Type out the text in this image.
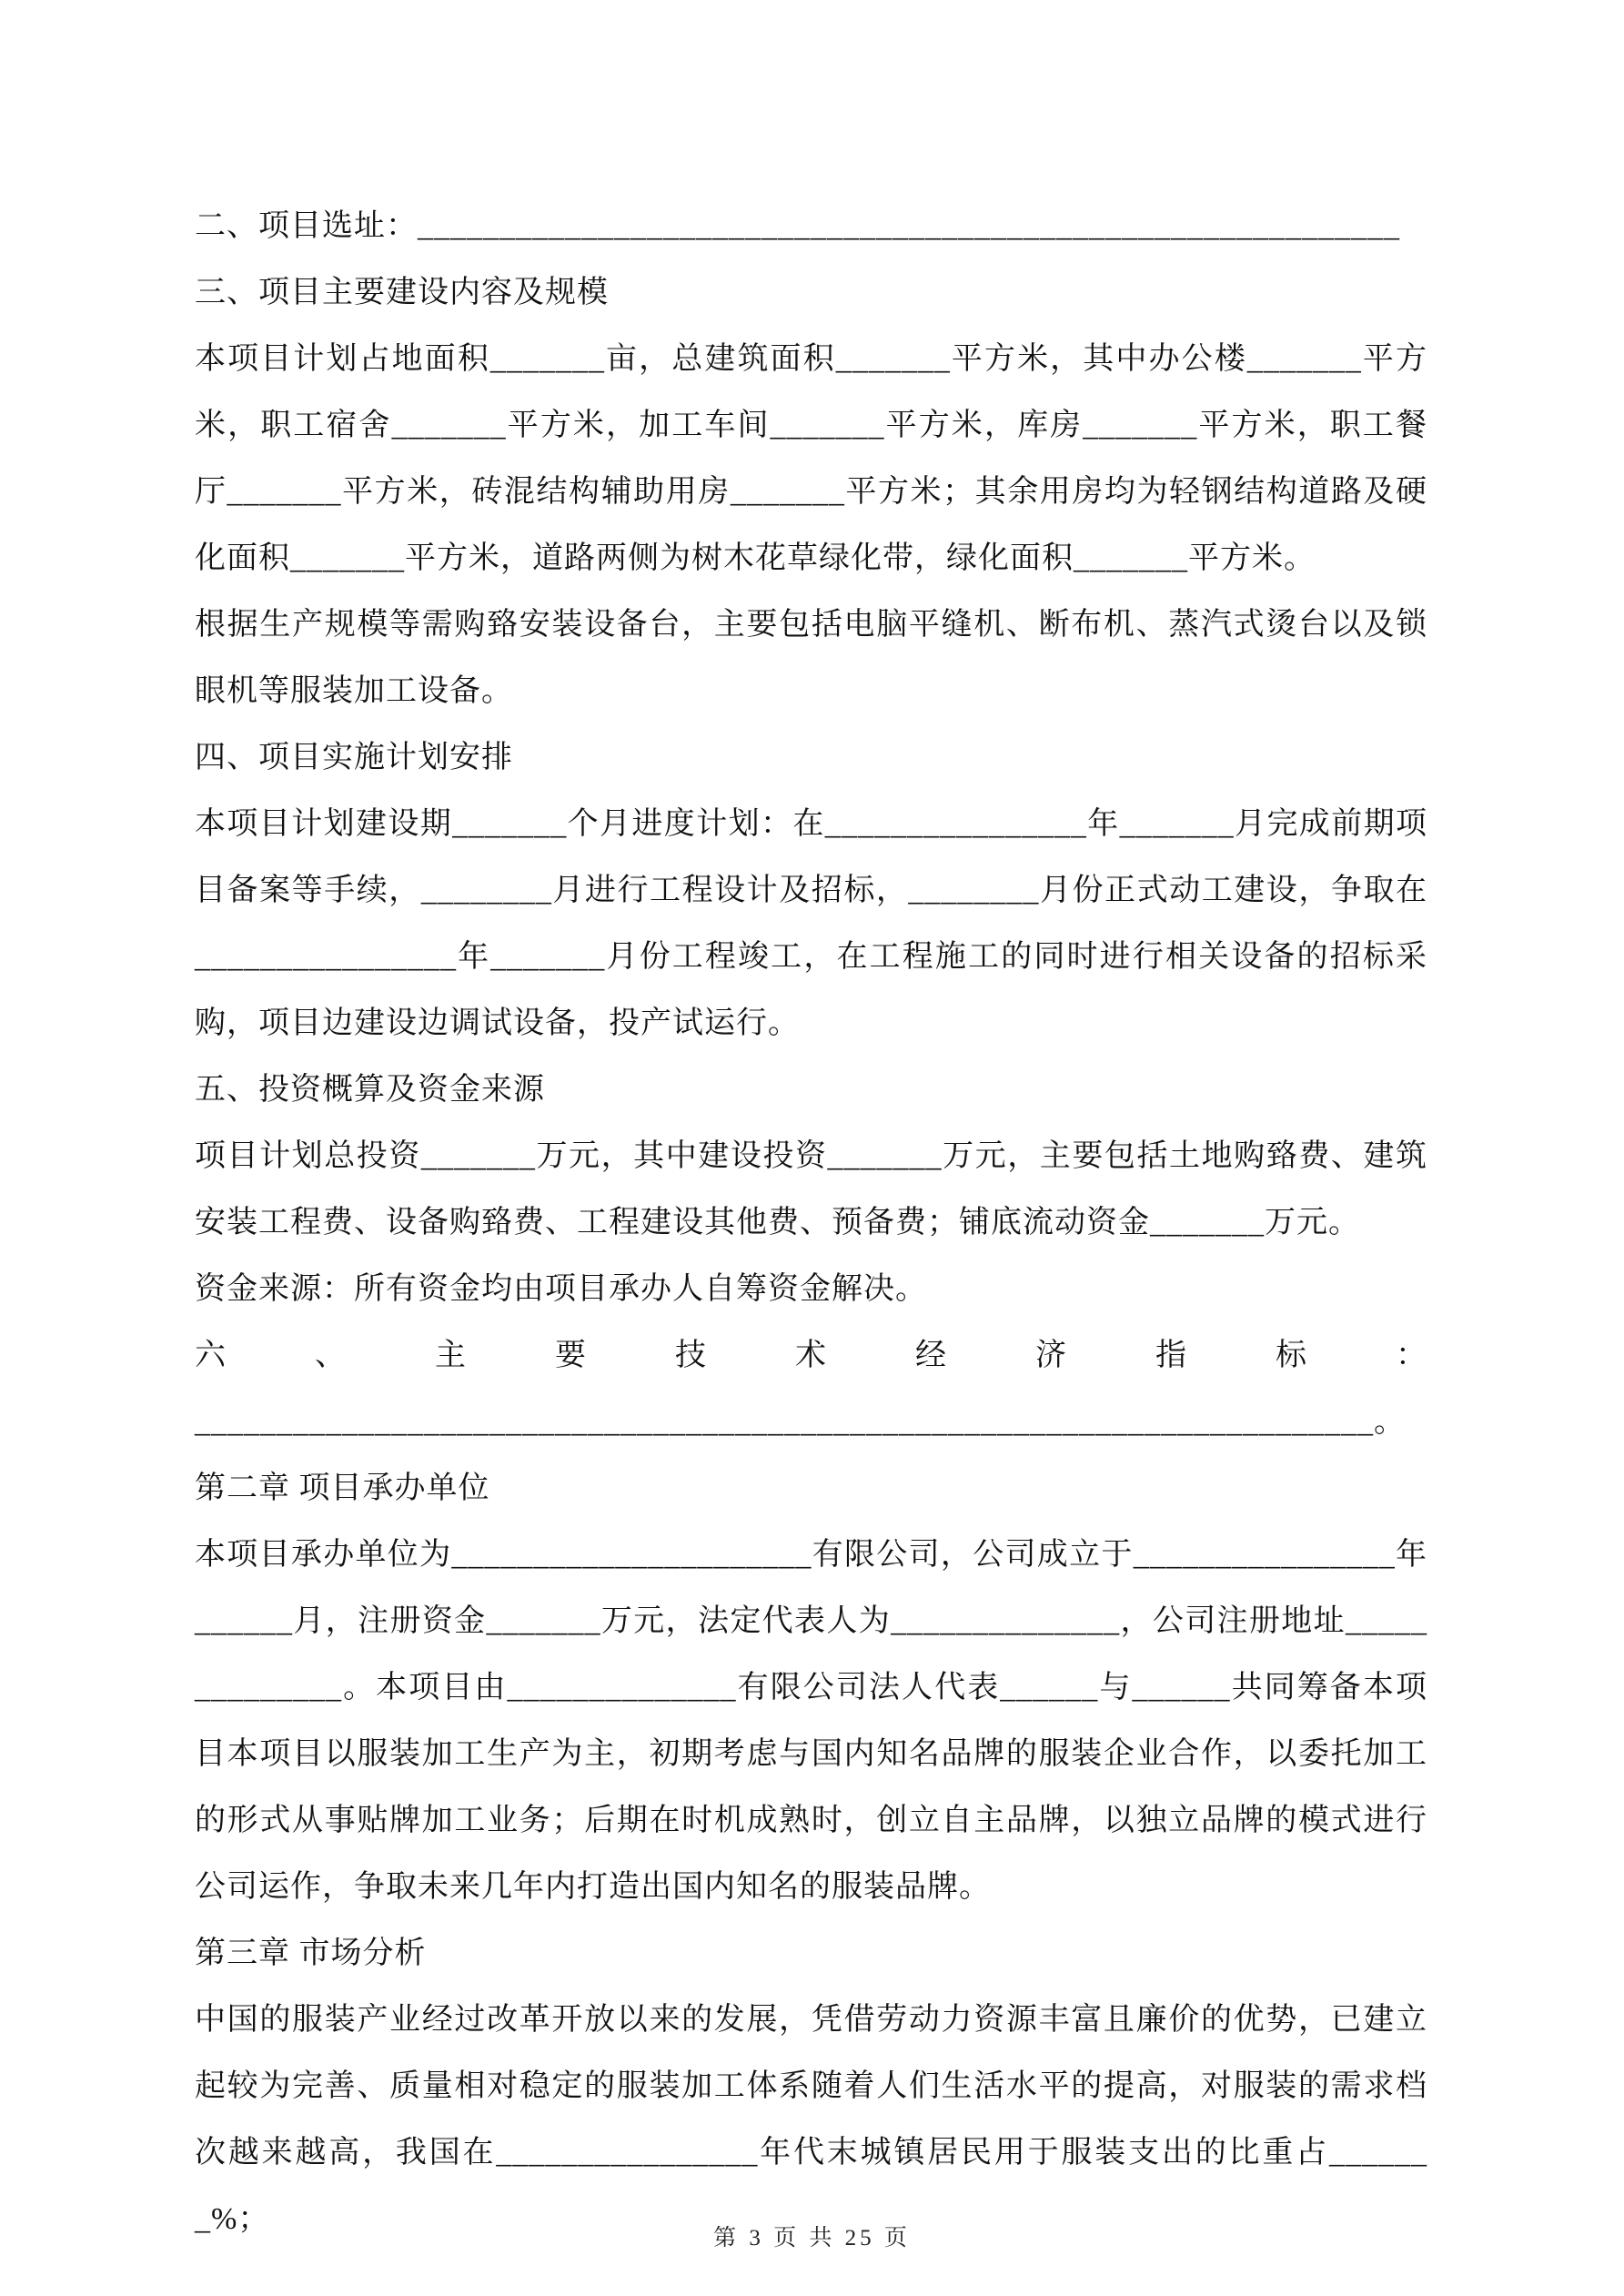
二、项目选址：____________________________________________________________

三、项目主要建设内容及规模

本项目计划占地面积_______亩，总建筑面积_______平方米，其中办公楼_______平方米，职工宿舍_______平方米，加工车间_______平方米，库房_______平方米，职工餐厅_______平方米，砖混结构辅助用房_______平方米；其余用房均为轻钢结构道路及硬化面积_______平方米，道路两侧为树木花草绿化带，绿化面积_______平方米。

根据生产规模等需购臵安装设备台，主要包括电脑平缝机、断布机、蒸汽式烫台以及锁眼机等服装加工设备。

四、项目实施计划安排

本项目计划建设期_______个月进度计划：在________________年_______月完成前期项目备案等手续，________月进行工程设计及招标，________月份正式动工建设，争取在________________年_______月份工程竣工，在工程施工的同时进行相关设备的招标采购，项目边建设边调试设备，投产试运行。

五、投资概算及资金来源

项目计划总投资_______万元，其中建设投资_______万元，主要包括土地购臵费、建筑安装工程费、设备购臵费、工程建设其他费、预备费；铺底流动资金_______万元。

资金来源：所有资金均由项目承办人自筹资金解决。

六、主要技术经济指标：

________________________________________________________________________。

第二章 项目承办单位

本项目承办单位为______________________有限公司，公司成立于________________年______月，注册资金_______万元，法定代表人为______________，公司注册地址______________。本项目由______________有限公司法人代表______与______共同筹备本项目本项目以服装加工生产为主，初期考虑与国内知名品牌的服装企业合作，以委托加工的形式从事贴牌加工业务；后期在时机成熟时，创立自主品牌，以独立品牌的模式进行公司运作，争取未来几年内打造出国内知名的服装品牌。

第三章 市场分析

中国的服装产业经过改革开放以来的发展，凭借劳动力资源丰富且廉价的优势，已建立起较为完善、质量相对稳定的服装加工体系随着人们生活水平的提高，对服装的需求档次越来越高，我国在________________年代末城镇居民用于服装支出的比重占_______%；

第 3 页 共 25 页
